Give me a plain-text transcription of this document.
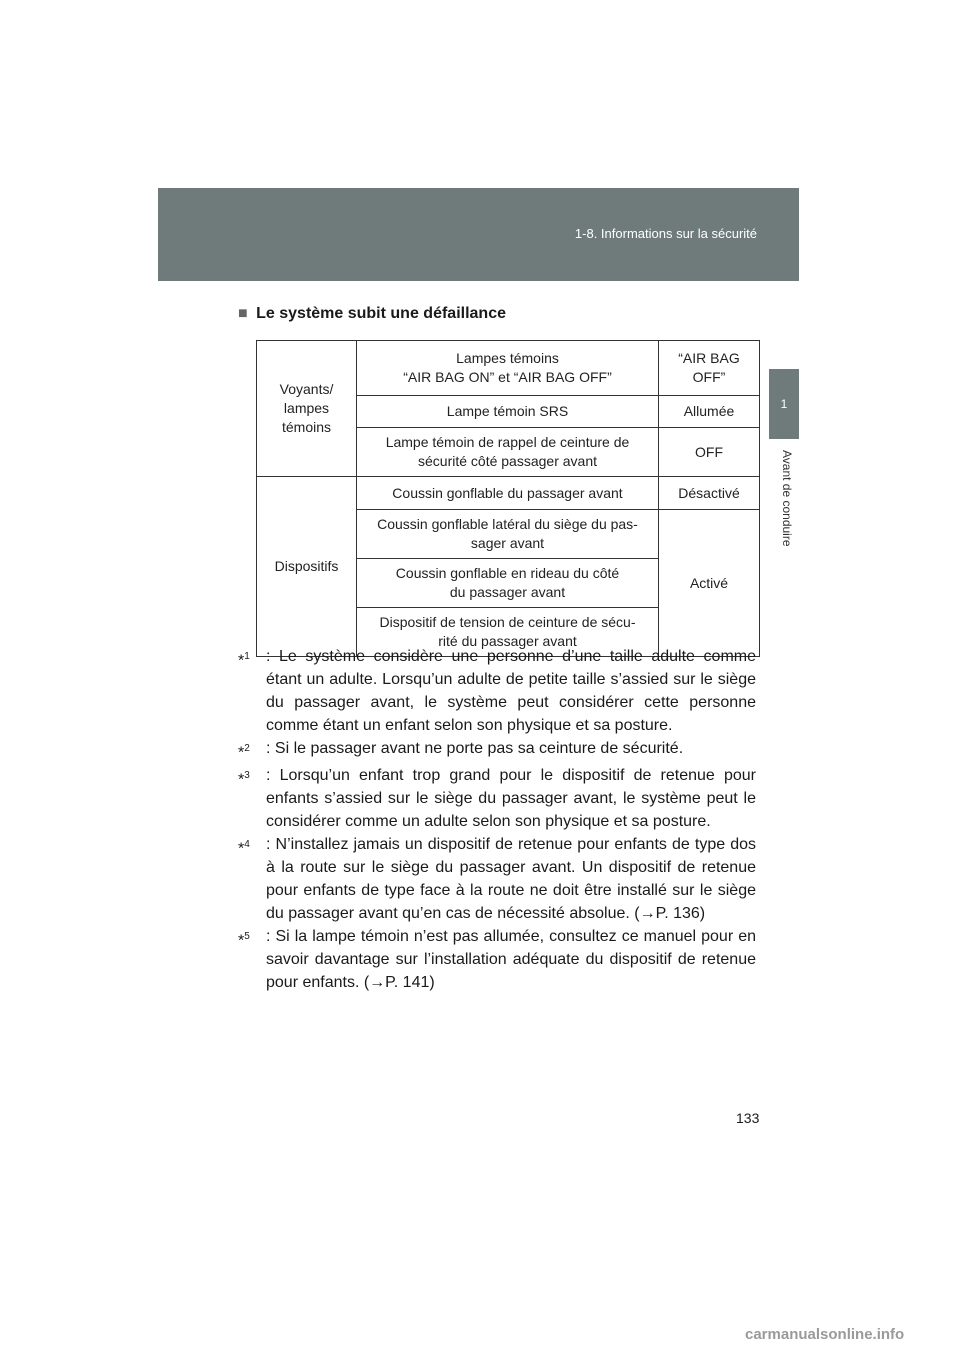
1-8. Informations sur la sécurité
1
Avant de conduire
■ Le système subit une défaillance
Voyants/
lampes
témoins	Lampes témoins
“AIR BAG ON” et “AIR BAG OFF”	“AIR BAG
OFF”
	Lampe témoin SRS	Allumée
	Lampe témoin de rappel de ceinture de
sécurité côté passager avant	OFF
Dispositifs	Coussin gonflable du passager avant	Désactivé
	Coussin gonflable latéral du siège du pas-
sager avant	Activé
	Coussin gonflable en rideau du côté
du passager avant	
	Dispositif de tension de ceinture de sécu-
rité du passager avant	
*$^1$	: Le système considère une personne d’une taille adulte comme étant un adulte. Lorsqu’un adulte de petite taille s’assied sur le siège du passager avant, le système peut considérer cette personne comme étant un enfant selon son physique et sa posture.
*$^2$	: Si le passager avant ne porte pas sa ceinture de sécurité.
*$^3$	: Lorsqu’un enfant trop grand pour le dispositif de retenue pour enfants s’assied sur le siège du passager avant, le système peut le considérer comme un adulte selon son physique et sa posture.
*$^4$	: N’installez jamais un dispositif de retenue pour enfants de type dos à la route sur le siège du passager avant. Un dispositif de retenue pour enfants de type face à la route ne doit être installé sur le siège du passager avant qu’en cas de nécessité absolue. (→P. 136)
*$^5$	: Si la lampe témoin n’est pas allumée, consultez ce manuel pour en savoir davantage sur l’installation adéquate du dispositif de retenue pour enfants. (→P. 141)
133
carmanualsonline.info
